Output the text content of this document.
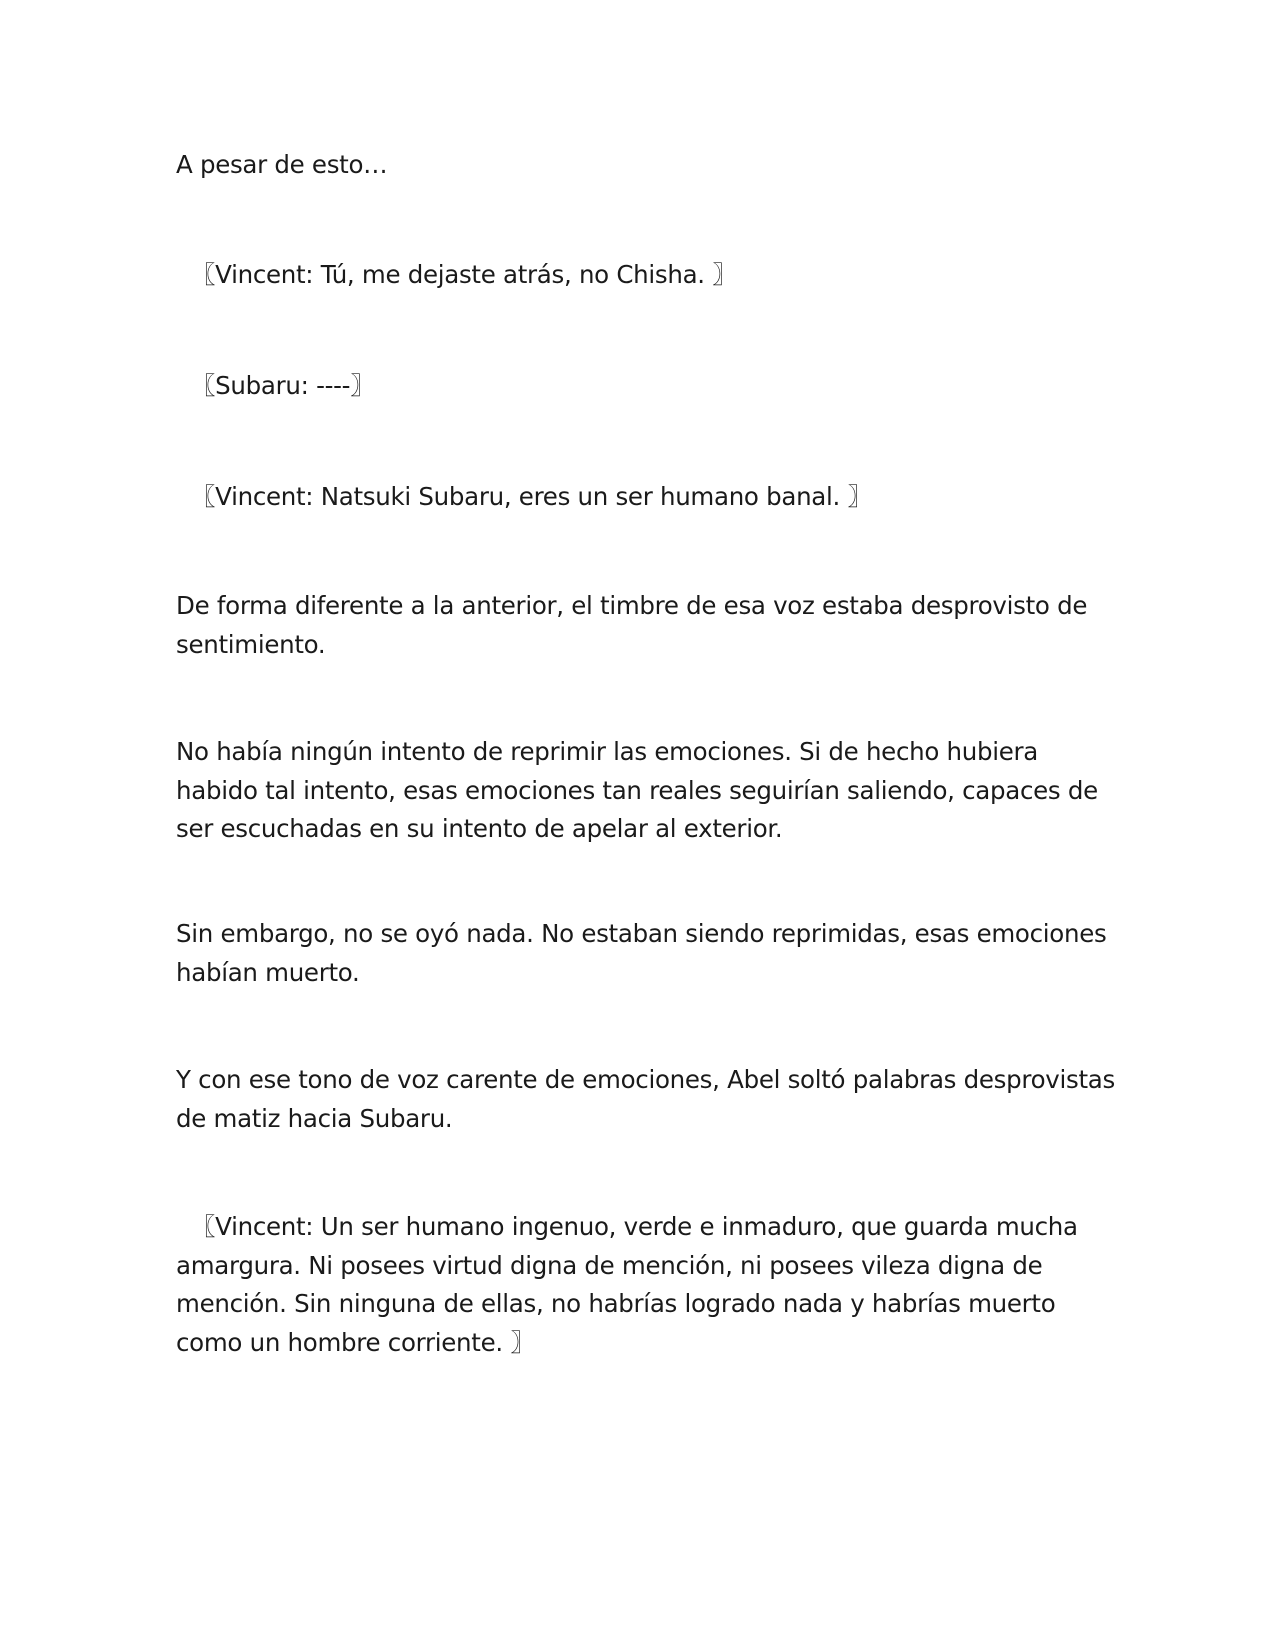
A pesar de esto…

〖Vincent: Tú, me dejaste atrás, no Chisha. 〗

〖Subaru: ----〗

〖Vincent: Natsuki Subaru, eres un ser humano banal. 〗

De forma diferente a la anterior, el timbre de esa voz estaba desprovisto de sentimiento.

No había ningún intento de reprimir las emociones. Si de hecho hubiera habido tal intento, esas emociones tan reales seguirían saliendo, capaces de ser escuchadas en su intento de apelar al exterior.

Sin embargo, no se oyó nada. No estaban siendo reprimidas, esas emociones habían muerto.

Y con ese tono de voz carente de emociones, Abel soltó palabras desprovistas de matiz hacia Subaru.

〖Vincent: Un ser humano ingenuo, verde e inmaduro, que guarda mucha amargura. Ni posees virtud digna de mención, ni posees vileza digna de mención. Sin ninguna de ellas, no habrías logrado nada y habrías muerto como un hombre corriente. 〗
